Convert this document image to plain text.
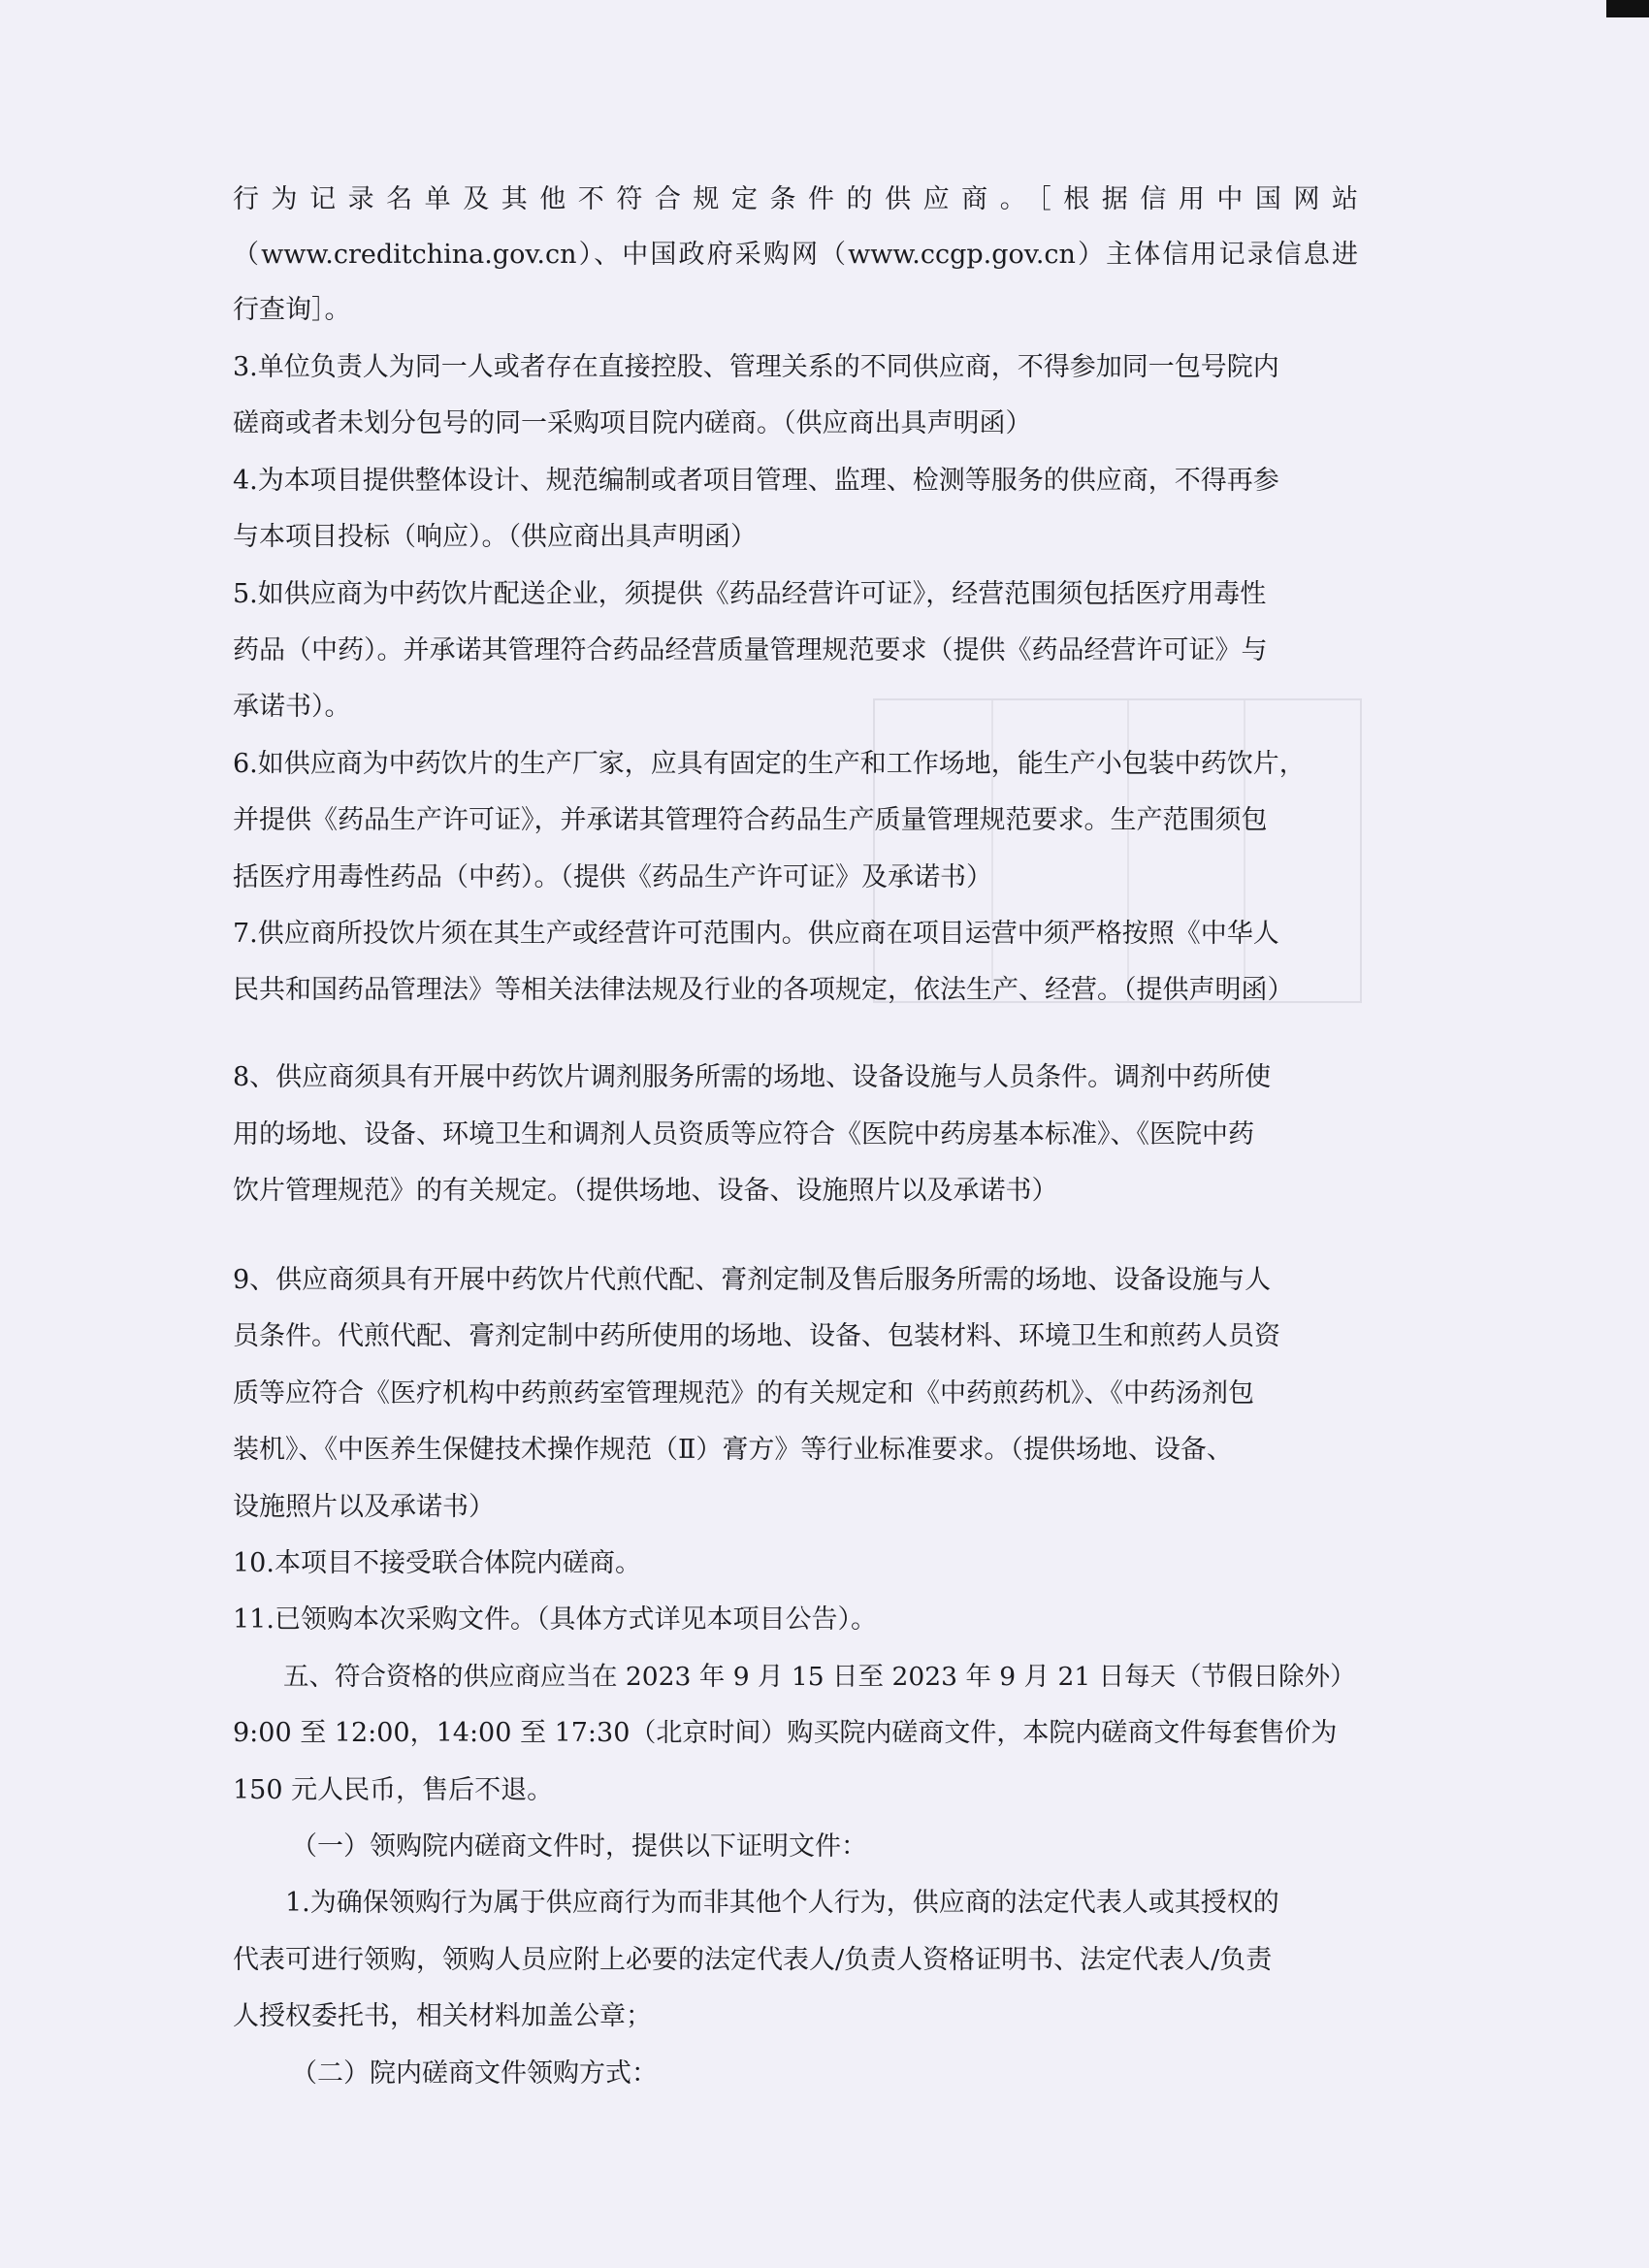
行为记录名单及其他不符合规定条件的供应商。［根据信用中国网站
（www.creditchina.gov.cn）、中国政府采购网（www.ccgp.gov.cn）主体信用记录信息进
行查询］。
3.单位负责人为同一人或者存在直接控股、管理关系的不同供应商，不得参加同一包号院内
磋商或者未划分包号的同一采购项目院内磋商。（供应商出具声明函）
4.为本项目提供整体设计、规范编制或者项目管理、监理、检测等服务的供应商，不得再参
与本项目投标（响应）。（供应商出具声明函）
5.如供应商为中药饮片配送企业，须提供《药品经营许可证》，经营范围须包括医疗用毒性
药品（中药）。并承诺其管理符合药品经营质量管理规范要求（提供《药品经营许可证》与
承诺书）。
6.如供应商为中药饮片的生产厂家，应具有固定的生产和工作场地，能生产小包装中药饮片，
并提供《药品生产许可证》，并承诺其管理符合药品生产质量管理规范要求。生产范围须包
括医疗用毒性药品（中药）。（提供《药品生产许可证》及承诺书）
7.供应商所投饮片须在其生产或经营许可范围内。供应商在项目运营中须严格按照《中华人
民共和国药品管理法》等相关法律法规及行业的各项规定，依法生产、经营。（提供声明函）
8、供应商须具有开展中药饮片调剂服务所需的场地、设备设施与人员条件。调剂中药所使
用的场地、设备、环境卫生和调剂人员资质等应符合《医院中药房基本标准》、《医院中药
饮片管理规范》的有关规定。（提供场地、设备、设施照片以及承诺书）
9、供应商须具有开展中药饮片代煎代配、膏剂定制及售后服务所需的场地、设备设施与人
员条件。代煎代配、膏剂定制中药所使用的场地、设备、包装材料、环境卫生和煎药人员资
质等应符合《医疗机构中药煎药室管理规范》的有关规定和《中药煎药机》、《中药汤剂包
装机》、《中医养生保健技术操作规范（Ⅱ）膏方》等行业标准要求。（提供场地、设备、
设施照片以及承诺书）
10.本项目不接受联合体院内磋商。
11.已领购本次采购文件。（具体方式详见本项目公告）。
五、符合资格的供应商应当在 2023 年 9 月 15 日至 2023 年 9 月 21 日每天（节假日除外）
9:00 至 12:00，14:00 至 17:30（北京时间）购买院内磋商文件，本院内磋商文件每套售价为
150 元人民币，售后不退。
（一）领购院内磋商文件时，提供以下证明文件：
1.为确保领购行为属于供应商行为而非其他个人行为，供应商的法定代表人或其授权的
代表可进行领购，领购人员应附上必要的法定代表人/负责人资格证明书、法定代表人/负责
人授权委托书，相关材料加盖公章；
（二）院内磋商文件领购方式：
